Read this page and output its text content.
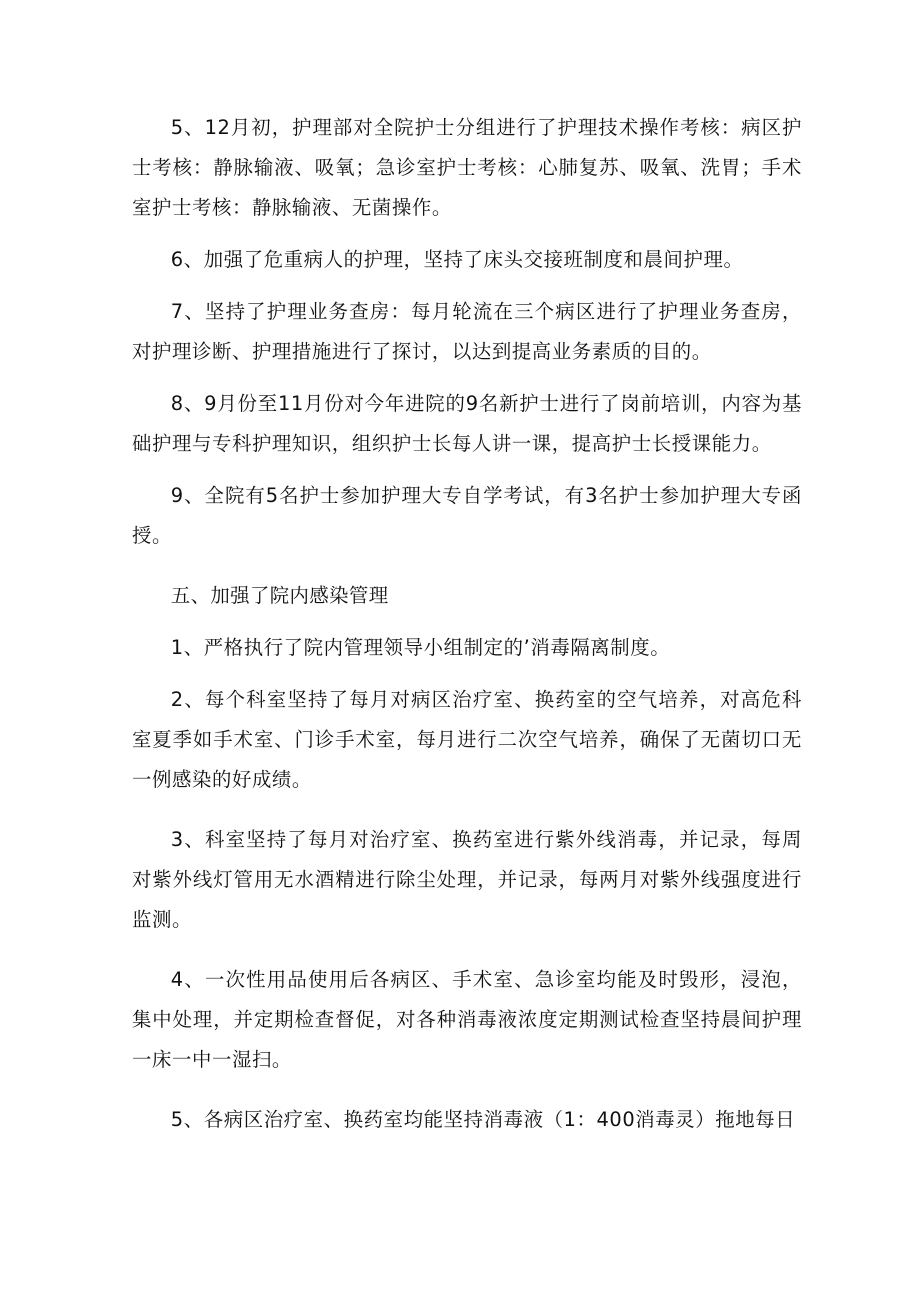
5、12月初，护理部对全院护士分组进行了护理技术操作考核：病区护士考核：静脉输液、吸氧；急诊室护士考核：心肺复苏、吸氧、洗胃；手术室护士考核：静脉输液、无菌操作。

6、加强了危重病人的护理，坚持了床头交接班制度和晨间护理。

7、坚持了护理业务查房：每月轮流在三个病区进行了护理业务查房，对护理诊断、护理措施进行了探讨，以达到提高业务素质的目的。

8、9月份至11月份对今年进院的9名新护士进行了岗前培训，内容为基础护理与专科护理知识，组织护士长每人讲一课，提高护士长授课能力。

9、全院有5名护士参加护理大专自学考试，有3名护士参加护理大专函授。

五、加强了院内感染管理

1、严格执行了院内管理领导小组制定的’消毒隔离制度。

2、每个科室坚持了每月对病区治疗室、换药室的空气培养，对高危科室夏季如手术室、门诊手术室，每月进行二次空气培养，确保了无菌切口无一例感染的好成绩。

3、科室坚持了每月对治疗室、换药室进行紫外线消毒，并记录，每周对紫外线灯管用无水酒精进行除尘处理，并记录，每两月对紫外线强度进行监测。

4、一次性用品使用后各病区、手术室、急诊室均能及时毁形，浸泡，集中处理，并定期检查督促，对各种消毒液浓度定期测试检查坚持晨间护理一床一中一湿扫。

5、各病区治疗室、换药室均能坚持消毒液（1：400消毒灵）拖地每日
